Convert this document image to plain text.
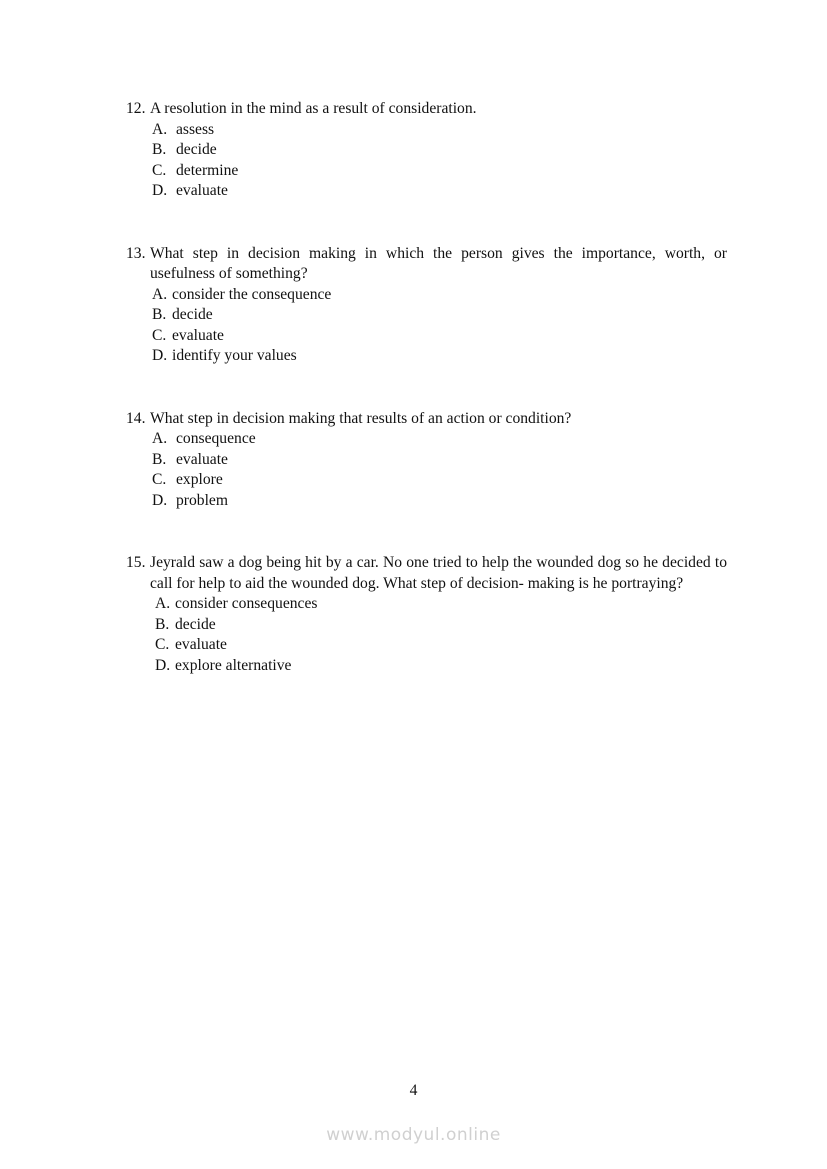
12. A resolution in the mind as a result of consideration.
A. assess
B. decide
C. determine
D. evaluate
13. What step in decision making in which the person gives the importance, worth, or usefulness of something?
A. consider the consequence
B. decide
C. evaluate
D. identify your values
14. What step in decision making that results of an action or condition?
A. consequence
B. evaluate
C. explore
D. problem
15. Jeyrald saw a dog being hit by a car. No one tried to help the wounded dog so he decided to call for help to aid the wounded dog. What step of decision- making is he portraying?
A. consider consequences
B. decide
C. evaluate
D. explore alternative
4
www.modyul.online
